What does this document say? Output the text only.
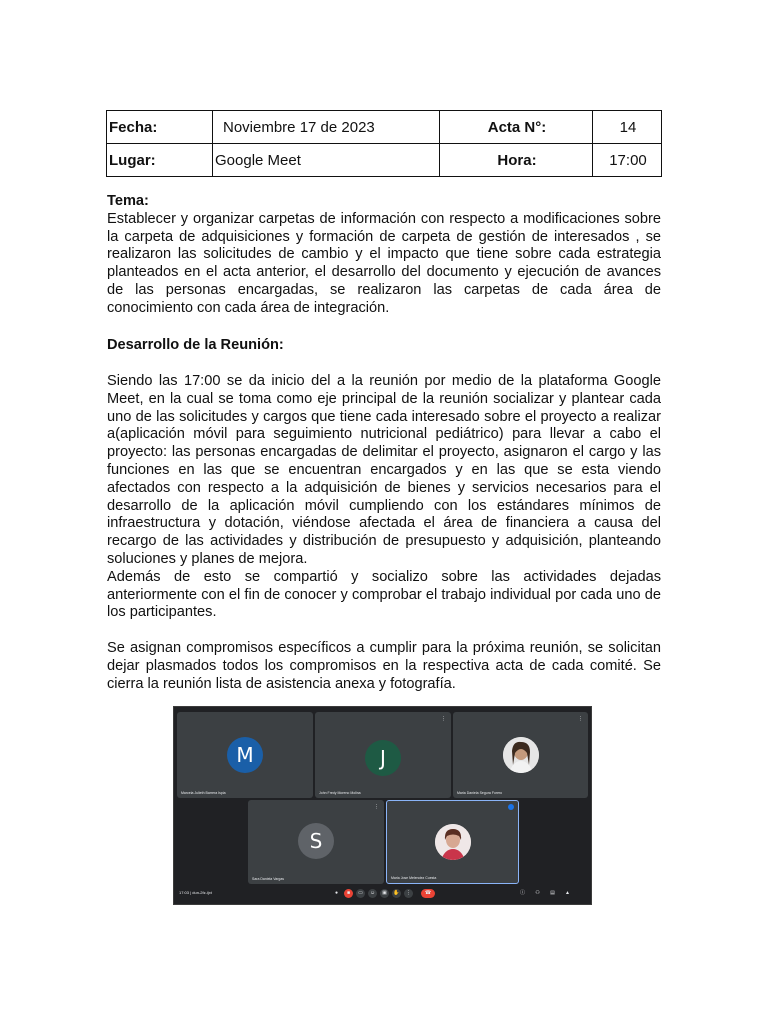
Fecha:	Noviembre 17 de 2023	Acta N°:	14
Lugar:	Google Meet	Hora:	17:00

Tema:

Establecer y organizar carpetas de información con respecto a modificaciones sobre la carpeta de adquisiciones y formación de carpeta de gestión de interesados , se realizaron las solicitudes de cambio y el impacto que tiene sobre cada estrategia planteados en el acta anterior, el desarrollo del documento y ejecución de avances de las personas encargadas, se realizaron las carpetas de cada área de conocimiento con cada área de integración.

Desarrollo de la Reunión:

Siendo las 17:00 se da inicio del a la reunión por medio de la plataforma Google Meet, en la cual se toma como eje principal de la reunión socializar y plantear cada uno de las solicitudes y cargos que tiene cada interesado sobre el proyecto a realizar a(aplicación móvil para seguimiento nutricional pediátrico) para llevar a cabo el proyecto: las personas encargadas de delimitar el proyecto, asignaron el cargo y las funciones en las que se encuentran encargados y en las que se esta viendo afectados con respecto a la adquisición de bienes y servicios necesarios para el desarrollo de la aplicación móvil cumpliendo con los estándares mínimos de infraestructura y dotación, viéndose afectada el área de financiera a causa del recargo de las actividades y distribución de presupuesto y adquisición, planteando soluciones y planes de mejora.

Además de esto se compartió y socializo sobre las actividades dejadas anteriormente con el fin de conocer y comprobar el trabajo individual por cada uno de los participantes.

Se asignan compromisos específicos a cumplir para la próxima reunión, se solicitan dejar plasmados todos los compromisos en la respectiva acta de cada comité. Se cierra la reunión lista de asistencia anexa y fotografía.

M
Marcela Julieth Barrera Ispia
⋮
J
John Fredy Moreno Molina
⋮
Maria Daniela Segura Forero
⋮
S
Sara Daniela Vargas	Maria Jose Melendez Cuesta
17:03 | dun-2fz-ijxt	●	■	▭	☺	▣	✋	⋮	☎	ⓘ	⚇	▤	▲
